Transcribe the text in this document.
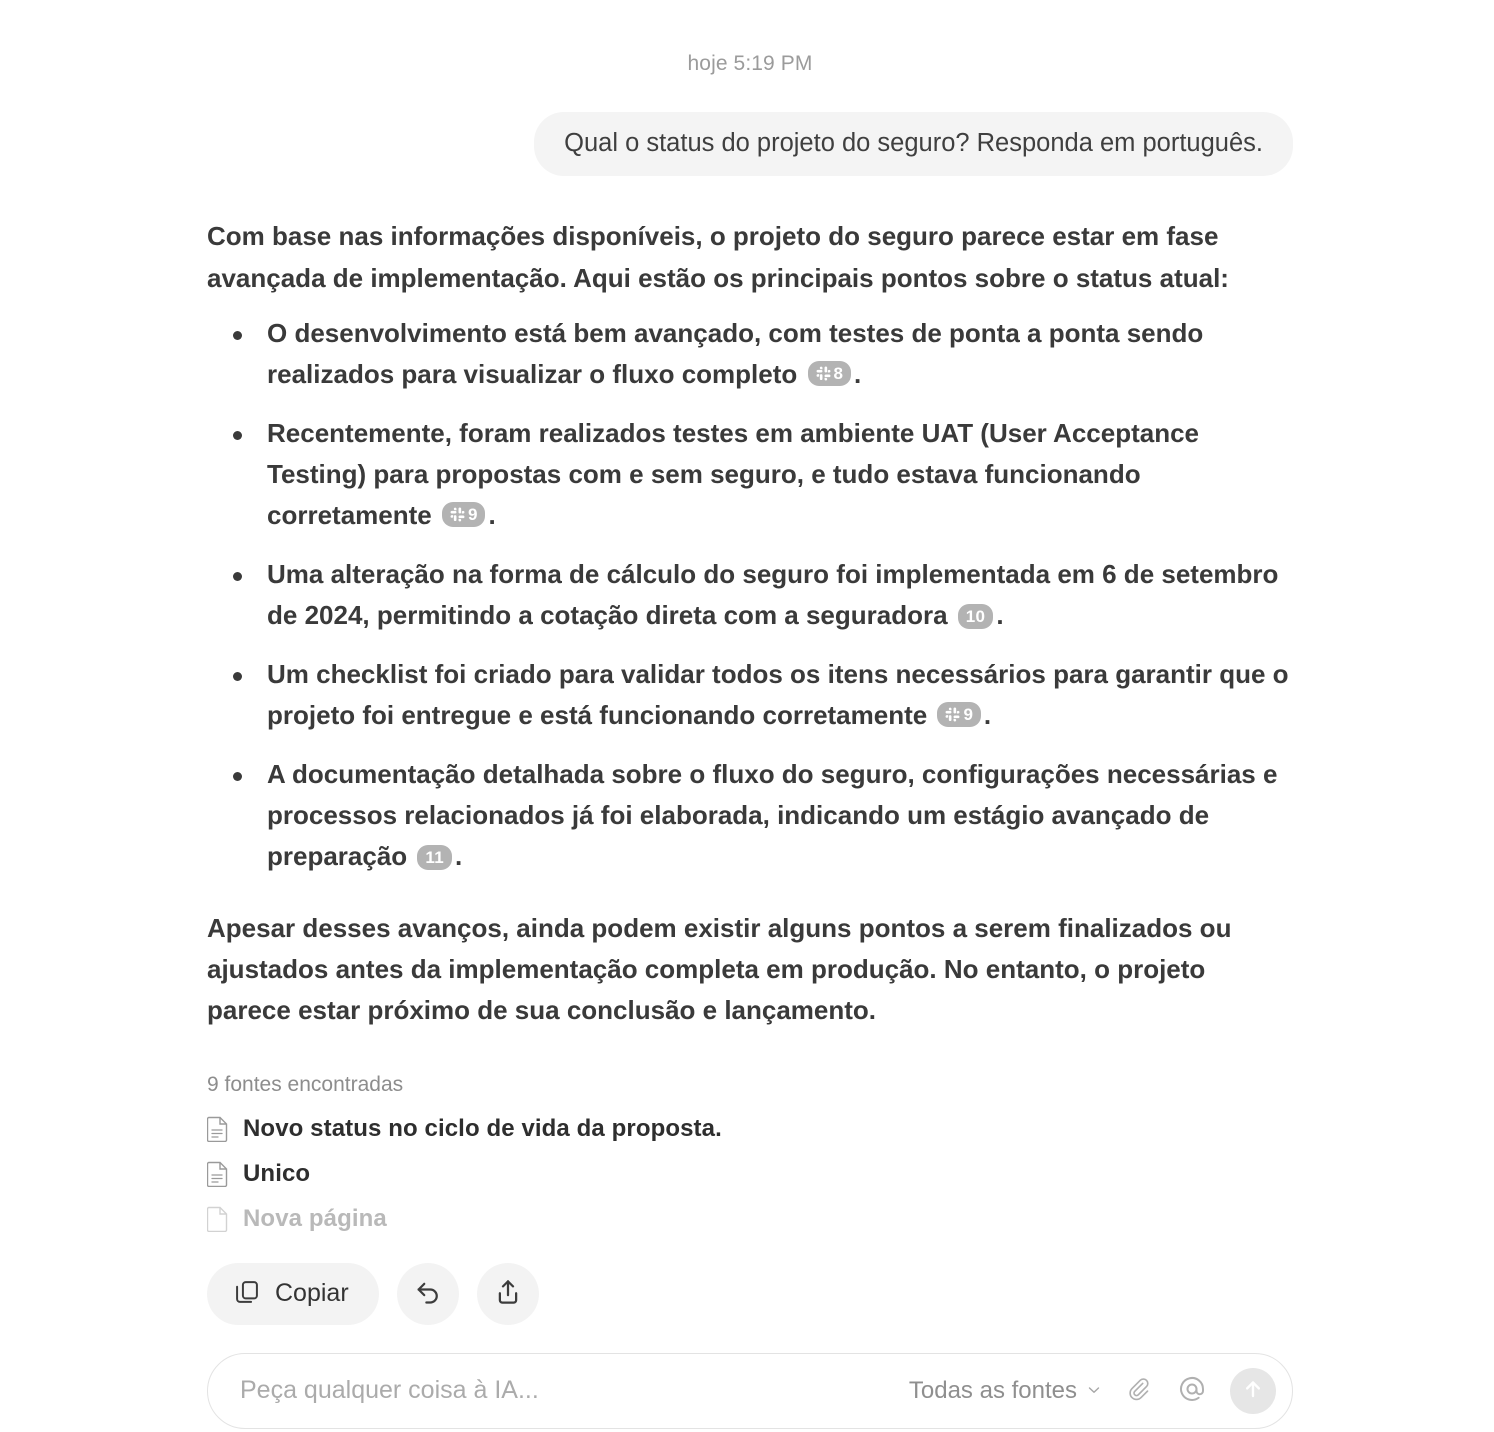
hoje 5:19 PM
Qual o status do projeto do seguro? Responda em português.

Com base nas informações disponíveis, o projeto do seguro parece estar em fase avançada de implementação. Aqui estão os principais pontos sobre o status atual:

O desenvolvimento está bem avançado, com testes de ponta a ponta sendo realizados para visualizar o fluxo completo 8 .
Recentemente, foram realizados testes em ambiente UAT (User Acceptance Testing) para propostas com e sem seguro, e tudo estava funcionando corretamente 9 .
Uma alteração na forma de cálculo do seguro foi implementada em 6 de setembro de 2024, permitindo a cotação direta com a seguradora 10 .
Um checklist foi criado para validar todos os itens necessários para garantir que o projeto foi entregue e está funcionando corretamente 9 .
A documentação detalhada sobre o fluxo do seguro, configurações necessárias e processos relacionados já foi elaborada, indicando um estágio avançado de preparação 11 .

Apesar desses avanços, ainda podem existir alguns pontos a serem finalizados ou ajustados antes da implementação completa em produção. No entanto, o projeto parece estar próximo de sua conclusão e lançamento.

9 fontes encontradas
Novo status no ciclo de vida da proposta.
Unico
Nova página
Copiar
Peça qualquer coisa à IA...
Todas as fontes
